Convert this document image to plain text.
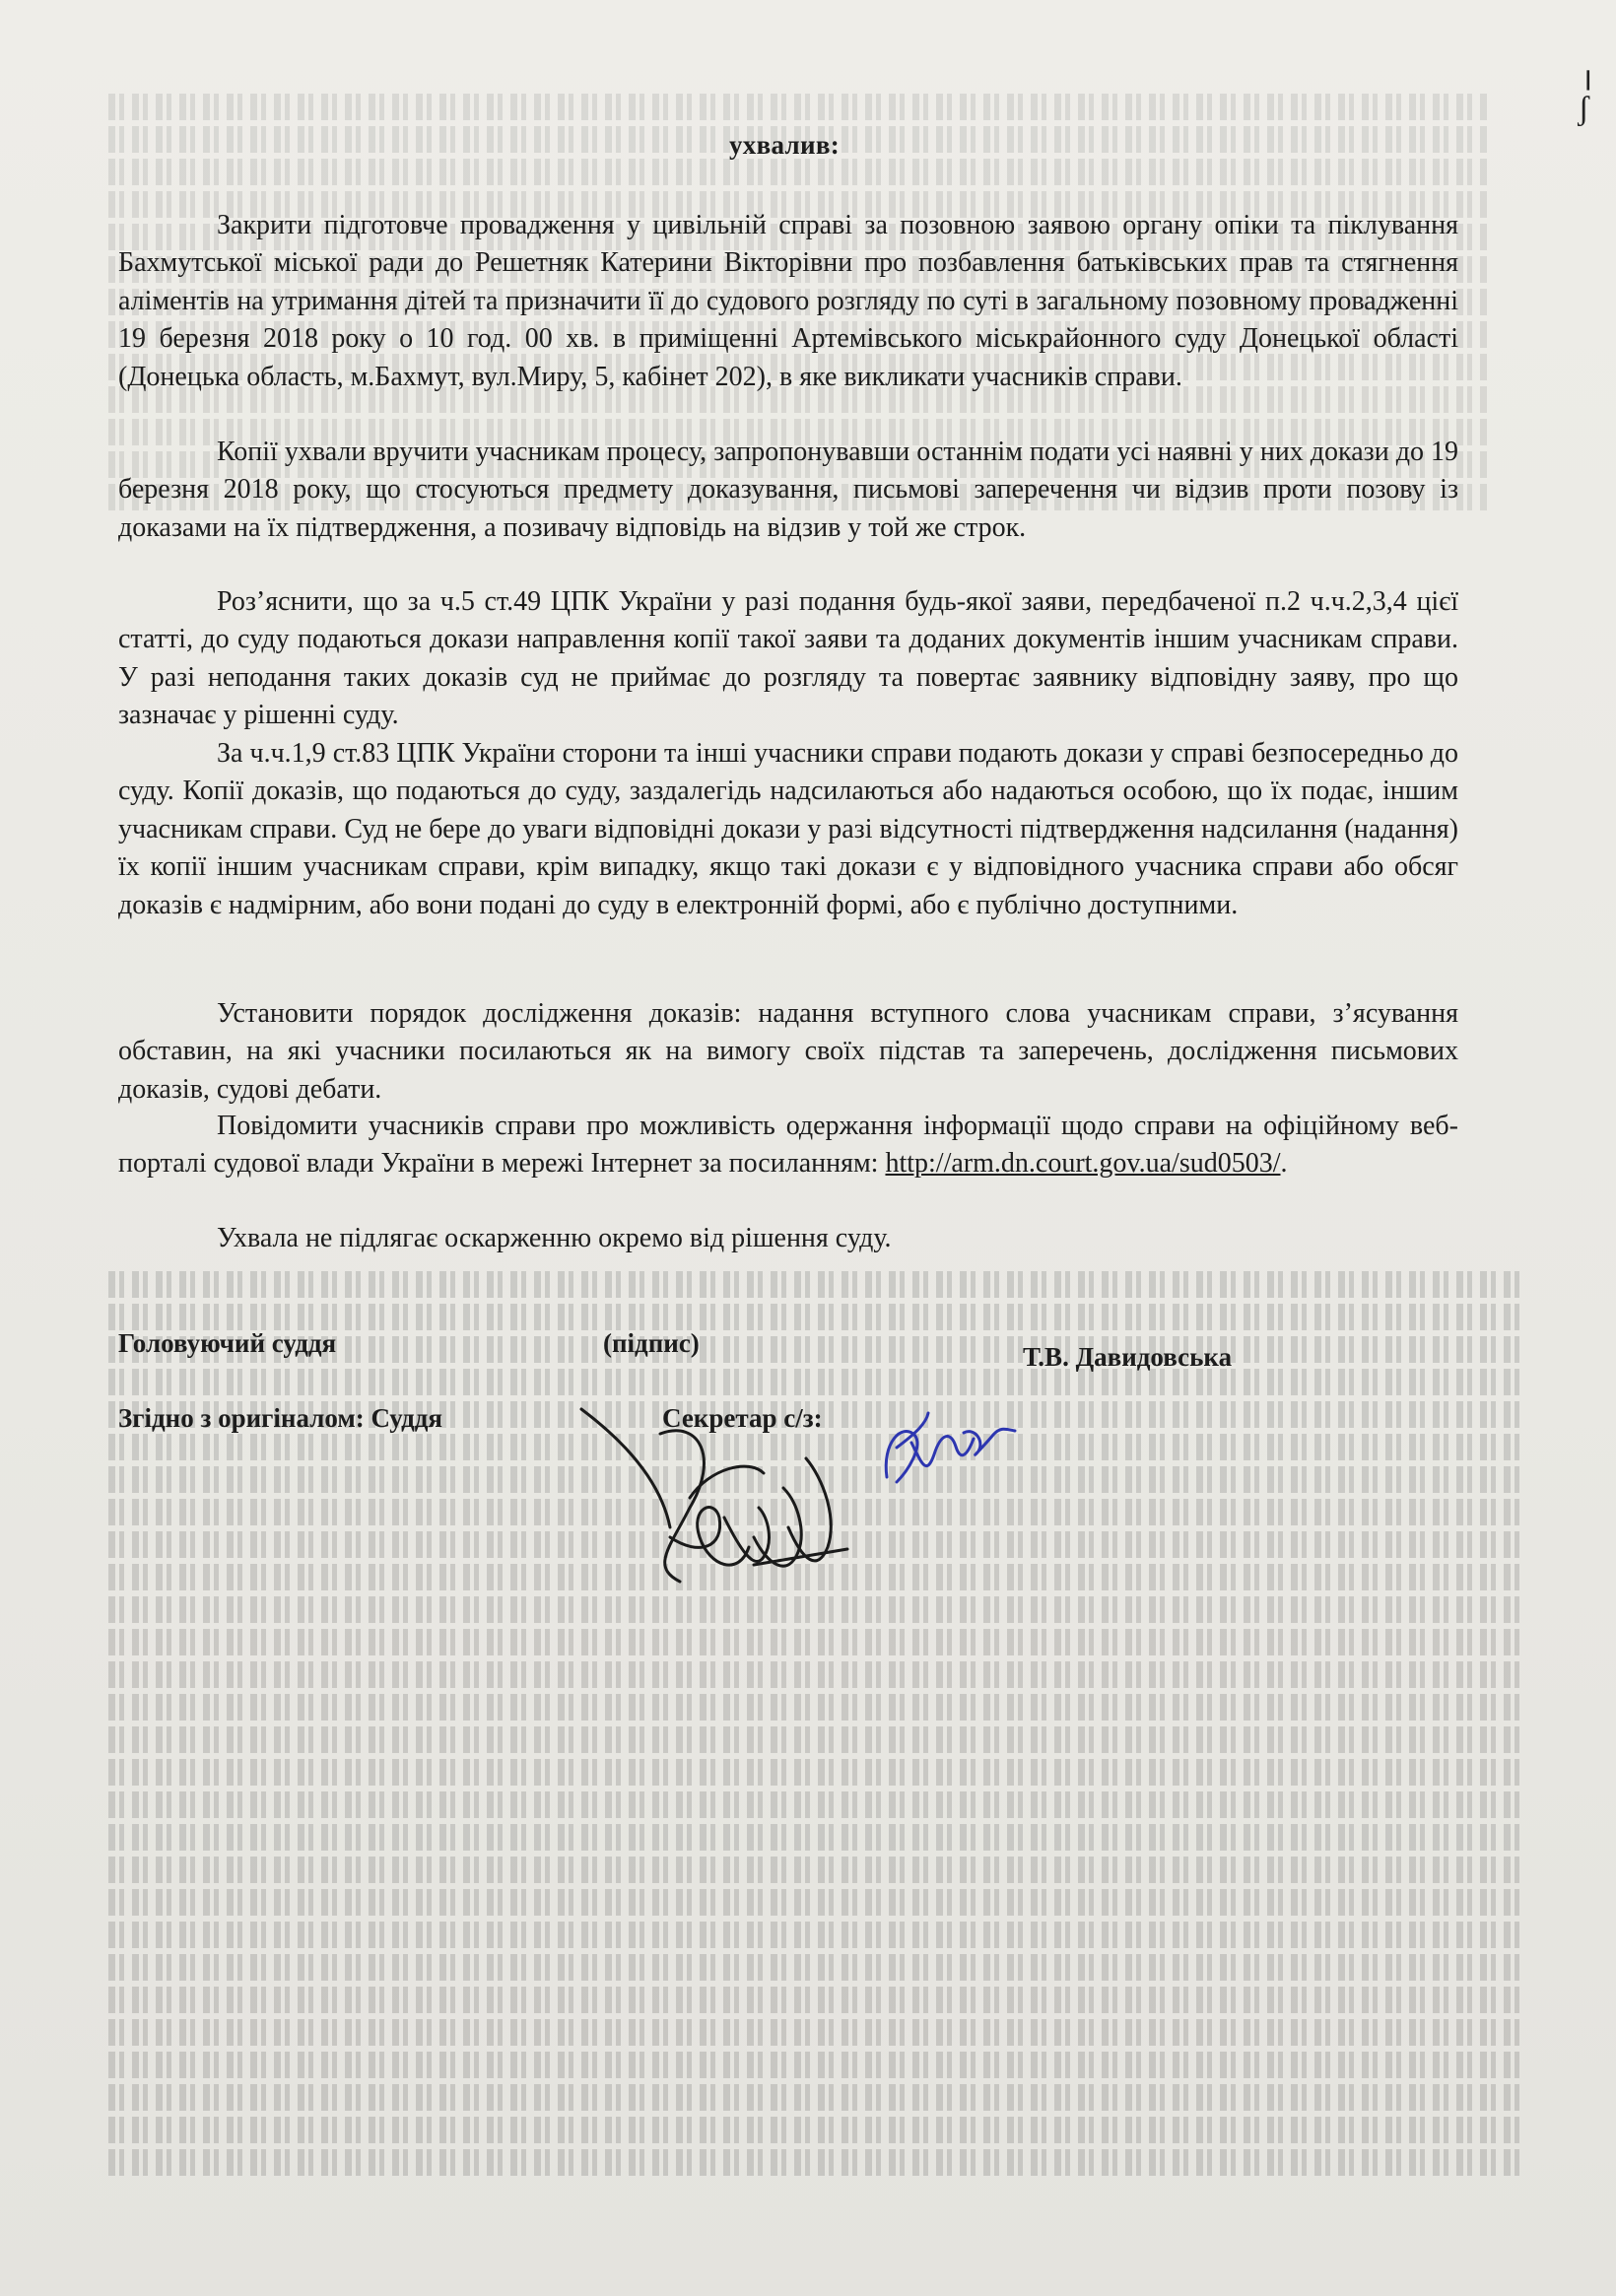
╷
ʃ
ухвалив:

Закрити підготовче провадження у цивільній справі за позовною заявою органу опіки та піклування Бахмутської міської ради до Решетняк Катерини Вікторівни про позбавлення батьківських прав та стягнення аліментів на утримання дітей та призначити її до судового розгляду по суті в загальному позовному провадженні 19 березня 2018 року о 10 год. 00 хв. в приміщенні Артемівського міськрайонного суду Донецької області (Донецька область, м.Бахмут, вул.Миру, 5, кабінет 202), в яке викликати учасників справи.

Копії ухвали вручити учасникам процесу, запропонувавши останнім подати усі наявні у них докази до 19 березня 2018 року, що стосуються предмету доказування, письмові заперечення чи відзив проти позову із доказами на їх підтвердження, а позивачу відповідь на відзив у той же строк.

Роз’яснити, що за ч.5 ст.49 ЦПК України у разі подання будь-якої заяви, передбаченої п.2 ч.ч.2,3,4 цієї статті, до суду подаються докази направлення копії такої заяви та доданих документів іншим учасникам справи. У разі неподання таких доказів суд не приймає до розгляду та повертає заявнику відповідну заяву, про що зазначає у рішенні суду.

За ч.ч.1,9 ст.83 ЦПК України сторони та інші учасники справи подають докази у справі безпосередньо до суду. Копії доказів, що подаються до суду, заздалегідь надсилаються або надаються особою, що їх подає, іншим учасникам справи. Суд не бере до уваги відповідні докази у разі відсутності підтвердження надсилання (надання) їх копії іншим учасникам справи, крім випадку, якщо такі докази є у відповідного учасника справи або обсяг доказів є надмірним, або вони подані до суду в електронній формі, або є публічно доступними.

Установити порядок дослідження доказів: надання вступного слова учасникам справи, з’ясування обставин, на які учасники посилаються як на вимогу своїх підстав та заперечень, дослідження письмових доказів, судові дебати.

Повідомити учасників справи про можливість одержання інформації щодо справи на офіційному веб-порталі судової влади України в мережі Інтернет за посиланням: http://arm.dn.court.gov.ua/sud0503/.

Ухвала не підлягає оскарженню окремо від рішення суду.

Головуючий суддя	(підпис)	Т.В. Давидовська
Згідно з оригіналом: Суддя	Секретар с/з:
